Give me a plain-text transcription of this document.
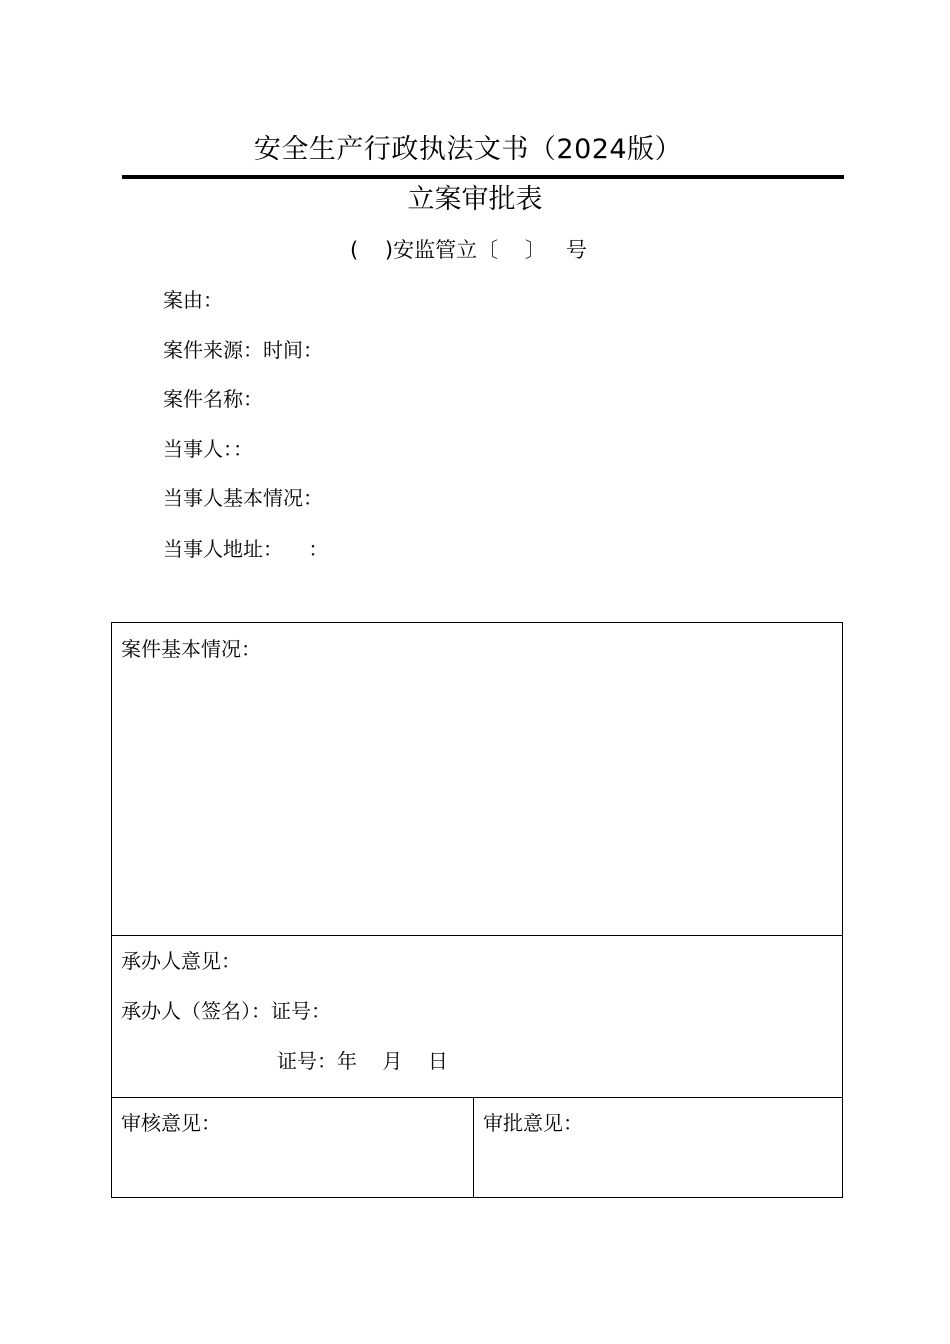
安全生产行政执法文书（2024版）
立案审批表
(    )安监管立〔    〕   号
案由：
案件来源：时间：
案件名称：
当事人：：
当事人基本情况：
当事人地址：    ：
案件基本情况：
承办人意见：
承办人（签名）：证号：
证号：年    月    日
审核意见：	审批意见：
